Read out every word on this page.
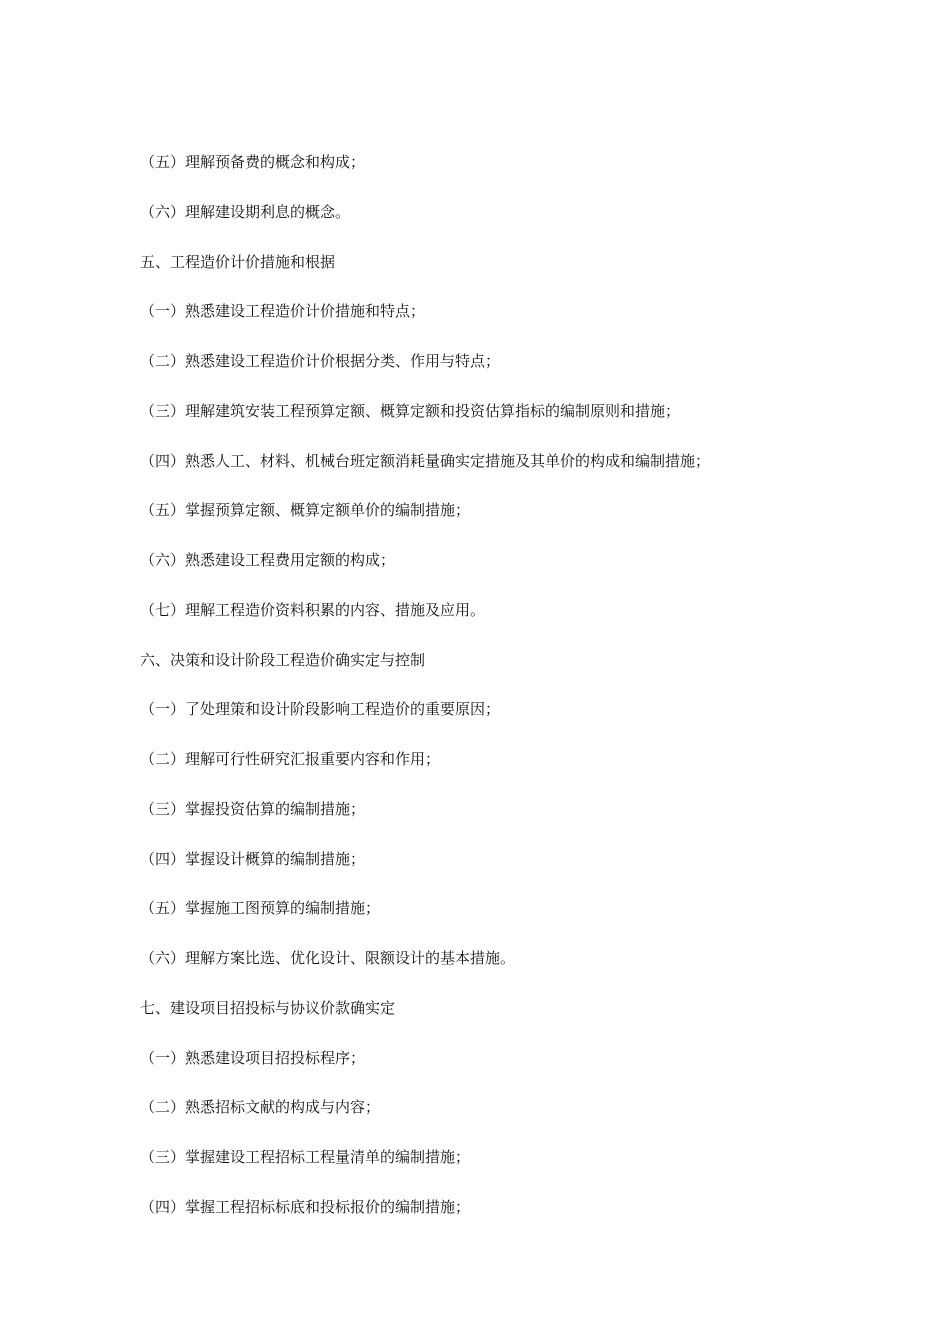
（五）理解预备费的概念和构成；
（六）理解建设期利息的概念。
五、工程造价计价措施和根据
（一）熟悉建设工程造价计价措施和特点；
（二）熟悉建设工程造价计价根据分类、作用与特点；
（三）理解建筑安装工程预算定额、概算定额和投资估算指标的编制原则和措施；
（四）熟悉人工、材料、机械台班定额消耗量确实定措施及其单价的构成和编制措施；
（五）掌握预算定额、概算定额单价的编制措施；
（六）熟悉建设工程费用定额的构成；
（七）理解工程造价资料积累的内容、措施及应用。
六、决策和设计阶段工程造价确实定与控制
（一）了处理策和设计阶段影响工程造价的重要原因；
（二）理解可行性研究汇报重要内容和作用；
（三）掌握投资估算的编制措施；
（四）掌握设计概算的编制措施；
（五）掌握施工图预算的编制措施；
（六）理解方案比选、优化设计、限额设计的基本措施。
七、建设项目招投标与协议价款确实定
（一）熟悉建设项目招投标程序；
（二）熟悉招标文献的构成与内容；
（三）掌握建设工程招标工程量清单的编制措施；
（四）掌握工程招标标底和投标报价的编制措施；
